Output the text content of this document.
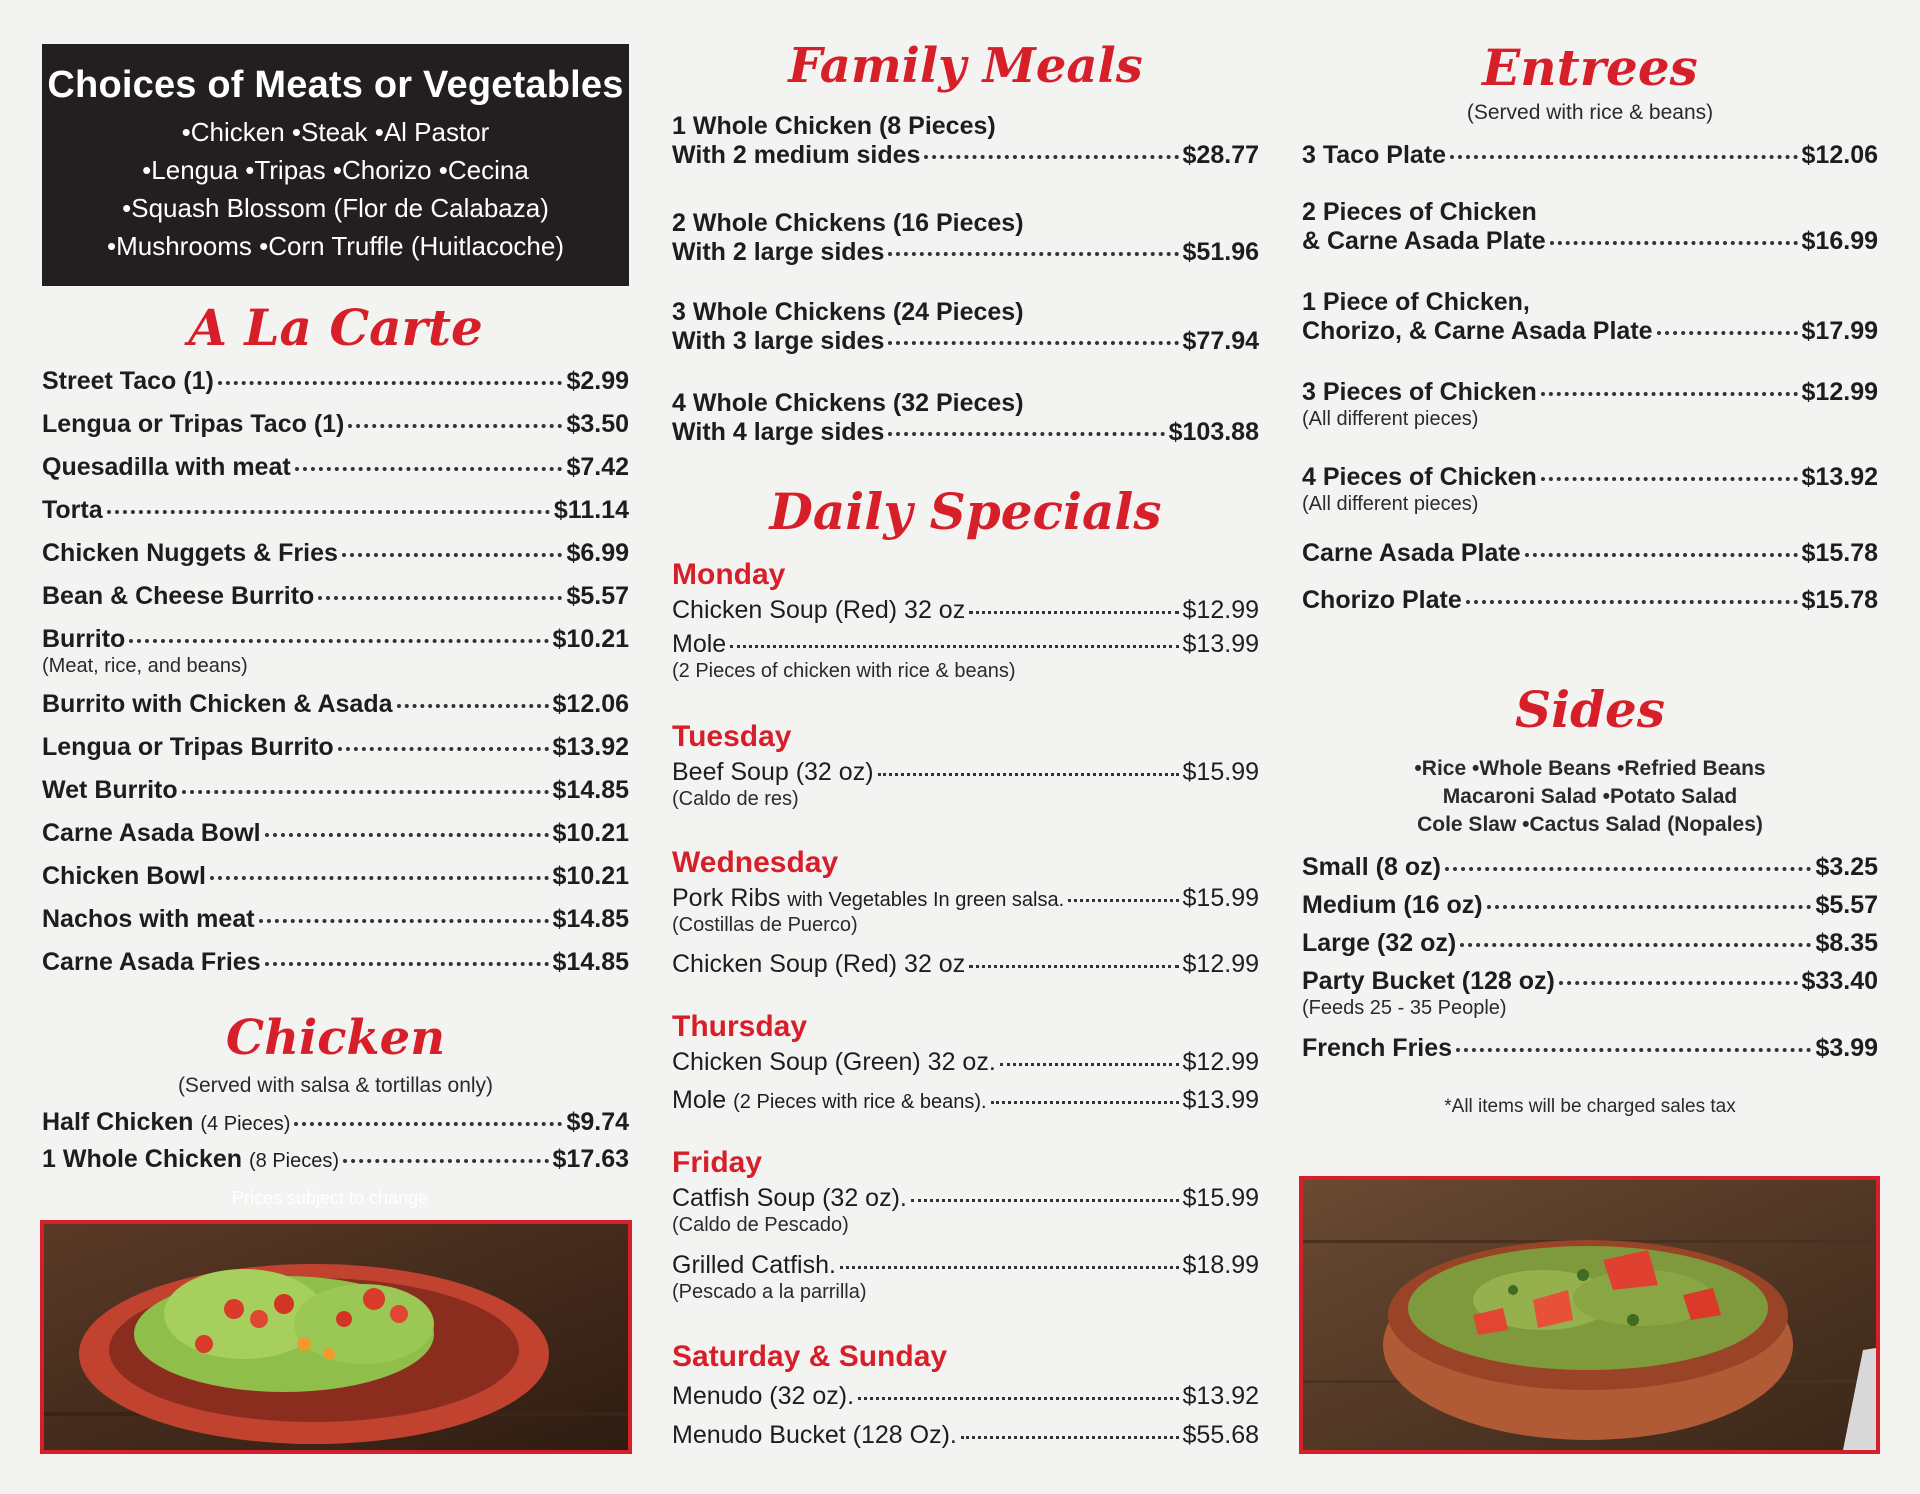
Choices of Meats or Vegetables
•Chicken •Steak •Al Pastor
•Lengua •Tripas •Chorizo •Cecina
•Squash Blossom (Flor de Calabaza)
•Mushrooms •Corn Truffle (Huitlacoche)
A La Carte
Street Taco (1)	$2.99
Lengua or Tripas Taco (1)	$3.50
Quesadilla with meat	$7.42
Torta	$11.14
Chicken Nuggets & Fries	$6.99
Bean & Cheese Burrito	$5.57
Burrito	$10.21
(Meat, rice, and beans)
Burrito with Chicken & Asada	$12.06
Lengua or Tripas Burrito	$13.92
Wet Burrito	$14.85
Carne Asada Bowl	$10.21
Chicken Bowl	$10.21
Nachos with meat	$14.85
Carne Asada Fries	$14.85
Chicken
(Served with salsa & tortillas only)
Half Chicken (4 Pieces)	$9.74
1 Whole Chicken (8 Pieces)	$17.63
Prices subject to change
Family Meals
1 Whole Chicken (8 Pieces)
With 2 medium sides	$28.77
2 Whole Chickens (16 Pieces)
With 2 large sides	$51.96
3 Whole Chickens (24 Pieces)
With 3 large sides	$77.94
4 Whole Chickens (32 Pieces)
With 4 large sides	$103.88
Daily Specials
Monday
Chicken Soup (Red) 32 oz	$12.99
Mole	$13.99
(2 Pieces of chicken with rice & beans)
Tuesday
Beef Soup (32 oz)	$15.99
(Caldo de res)
Wednesday
Pork Ribs with Vegetables In green salsa.	$15.99
(Costillas de Puerco)
Chicken Soup (Red) 32 oz	$12.99
Thursday
Chicken Soup (Green) 32 oz.	$12.99
Mole (2 Pieces with rice & beans).	$13.99
Friday
Catfish Soup (32 oz).	$15.99
(Caldo de Pescado)
Grilled Catfish.	$18.99
(Pescado a la parrilla)
Saturday & Sunday
Menudo (32 oz).	$13.92
Menudo Bucket (128 Oz).	$55.68
Entrees
(Served with rice & beans)
3 Taco Plate	$12.06
2 Pieces of Chicken
& Carne Asada Plate	$16.99
1 Piece of Chicken,
Chorizo, & Carne Asada Plate	$17.99
3 Pieces of Chicken	$12.99
(All different pieces)
4 Pieces of Chicken	$13.92
(All different pieces)
Carne Asada Plate	$15.78
Chorizo Plate	$15.78
Sides
•Rice •Whole Beans •Refried Beans
Macaroni Salad •Potato Salad
Cole Slaw •Cactus Salad (Nopales)
Small (8 oz)	$3.25
Medium (16 oz)	$5.57
Large (32 oz)	$8.35
Party Bucket (128 oz)	$33.40
(Feeds 25 - 35 People)
French Fries	$3.99
*All items will be charged sales tax
